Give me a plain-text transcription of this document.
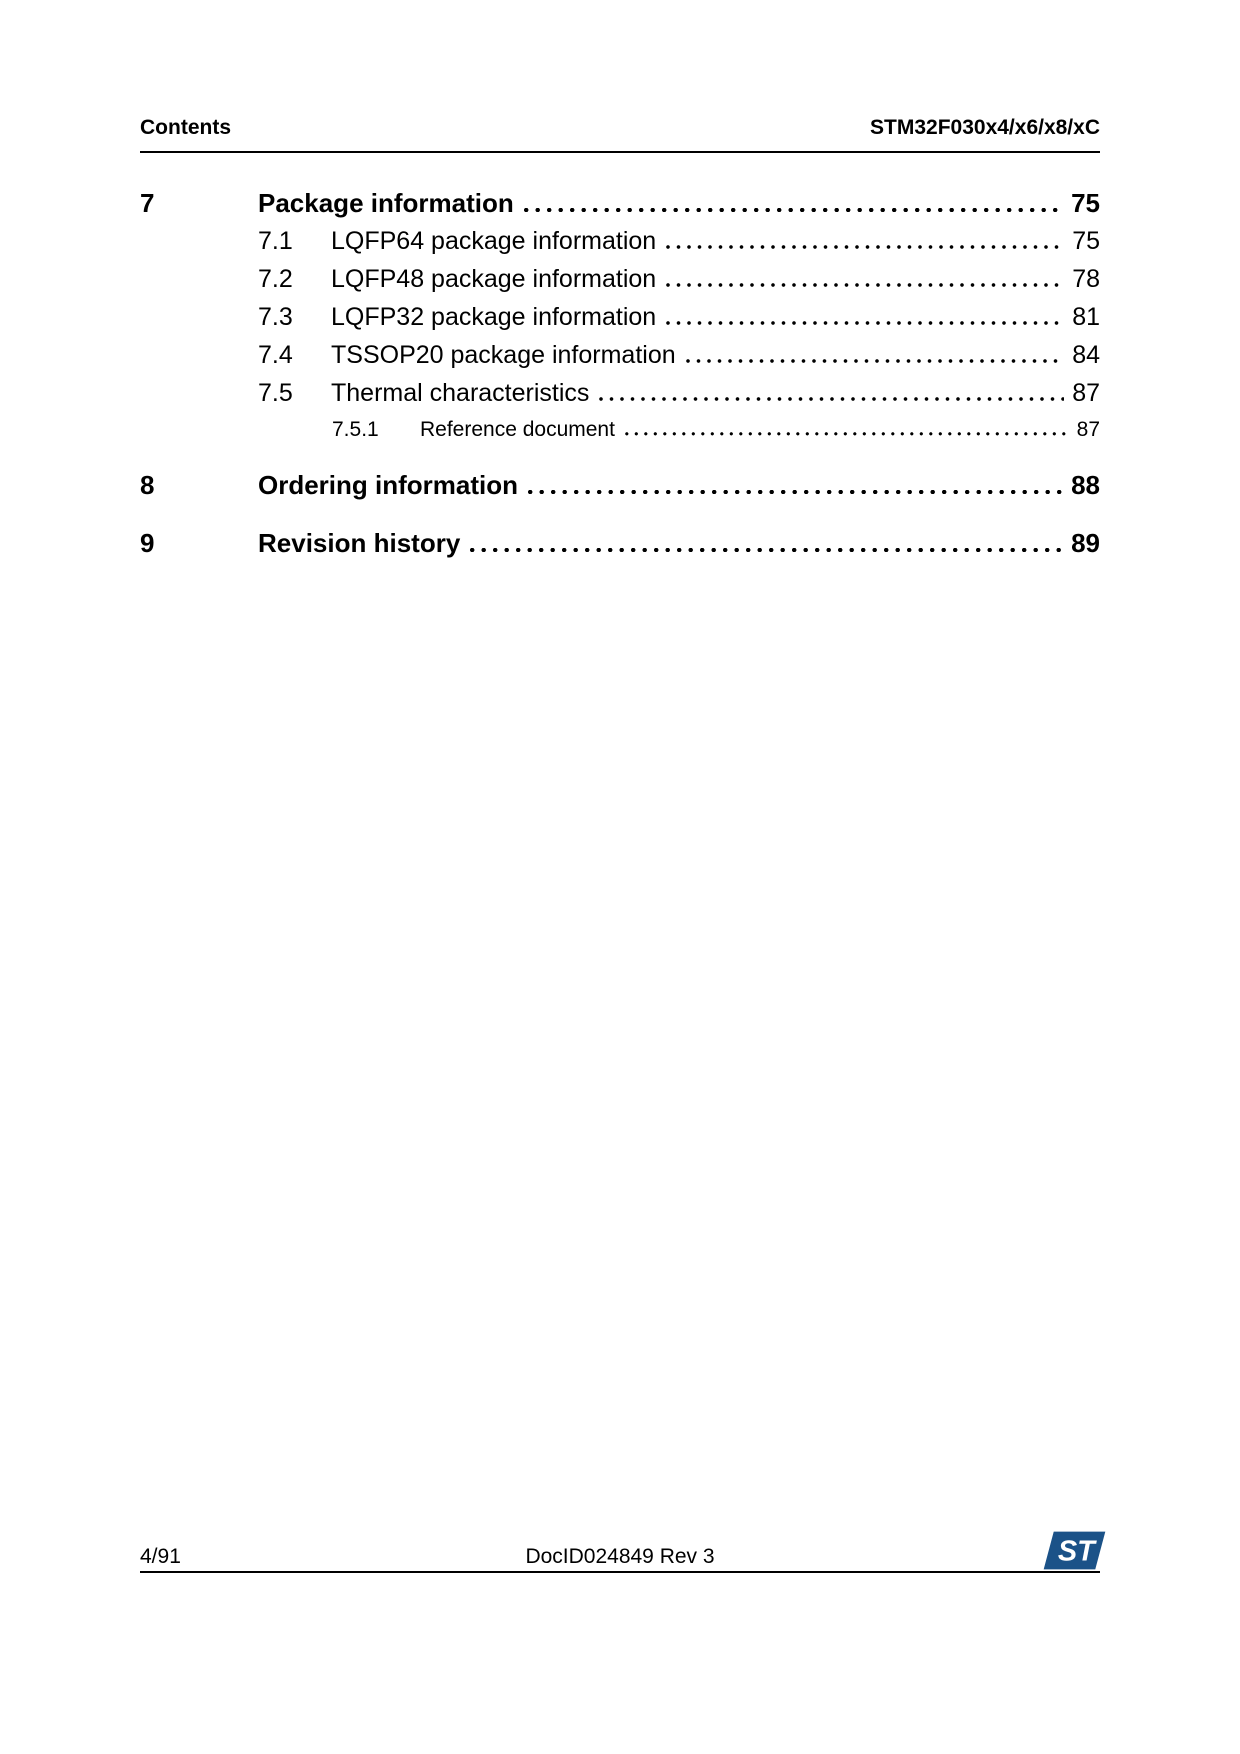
Contents	STM32F030x4/x6/x8/xC
7	Package information	75
7.1	LQFP64 package information	75
7.2	LQFP48 package information	78
7.3	LQFP32 package information	81
7.4	TSSOP20 package information	84
7.5	Thermal characteristics	87
7.5.1	Reference document	87
8	Ordering information	88
9	Revision history	89
4/91	DocID024849 Rev 3	ST
